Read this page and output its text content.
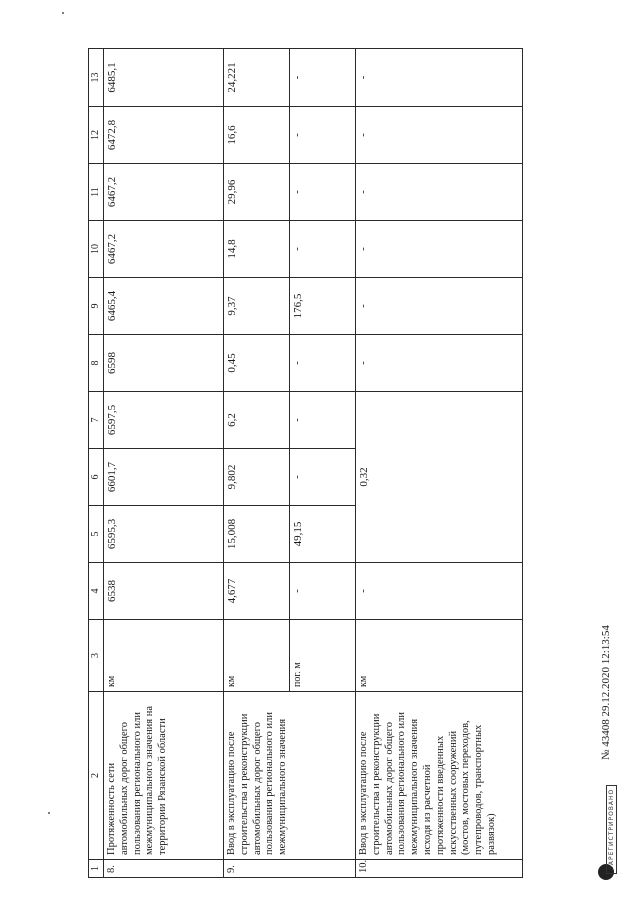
1	2	3	4	5	6	7	8	9	10	11	12	13
8.	Протяженность сети автомобильных дорог общего пользования регионального или межмуниципального значения на территории Рязанской области	км	6538	6595,3	6601,7	6597,5	6598	6465,4	6467,2	6467,2	6472,8	6485,1
9.	Ввод в эксплуатацию после строительства и реконструкции автомобильных дорог общего пользования регионального или межмуниципального значения	км	4,677	15,008	9,802	6,2	0,45	9,37	14,8	29,96	16,6	24,221
		пог. м	-	49,15	-	-	-	176,5	-	-	-	-
10.	Ввод в эксплуатацию после строительства и реконструкции автомобильных дорог общего пользования регионального или межмуниципального значения исходя из расчетной протяженности введенных искусственных сооружений (мостов, мостовых переходов, путепроводов, транспортных развязок)	км	-	0,32			-	-	-	-	-	-
№ 43408 29.12.2020 12:13:54
ЗАРЕГИСТРИРОВАНО
